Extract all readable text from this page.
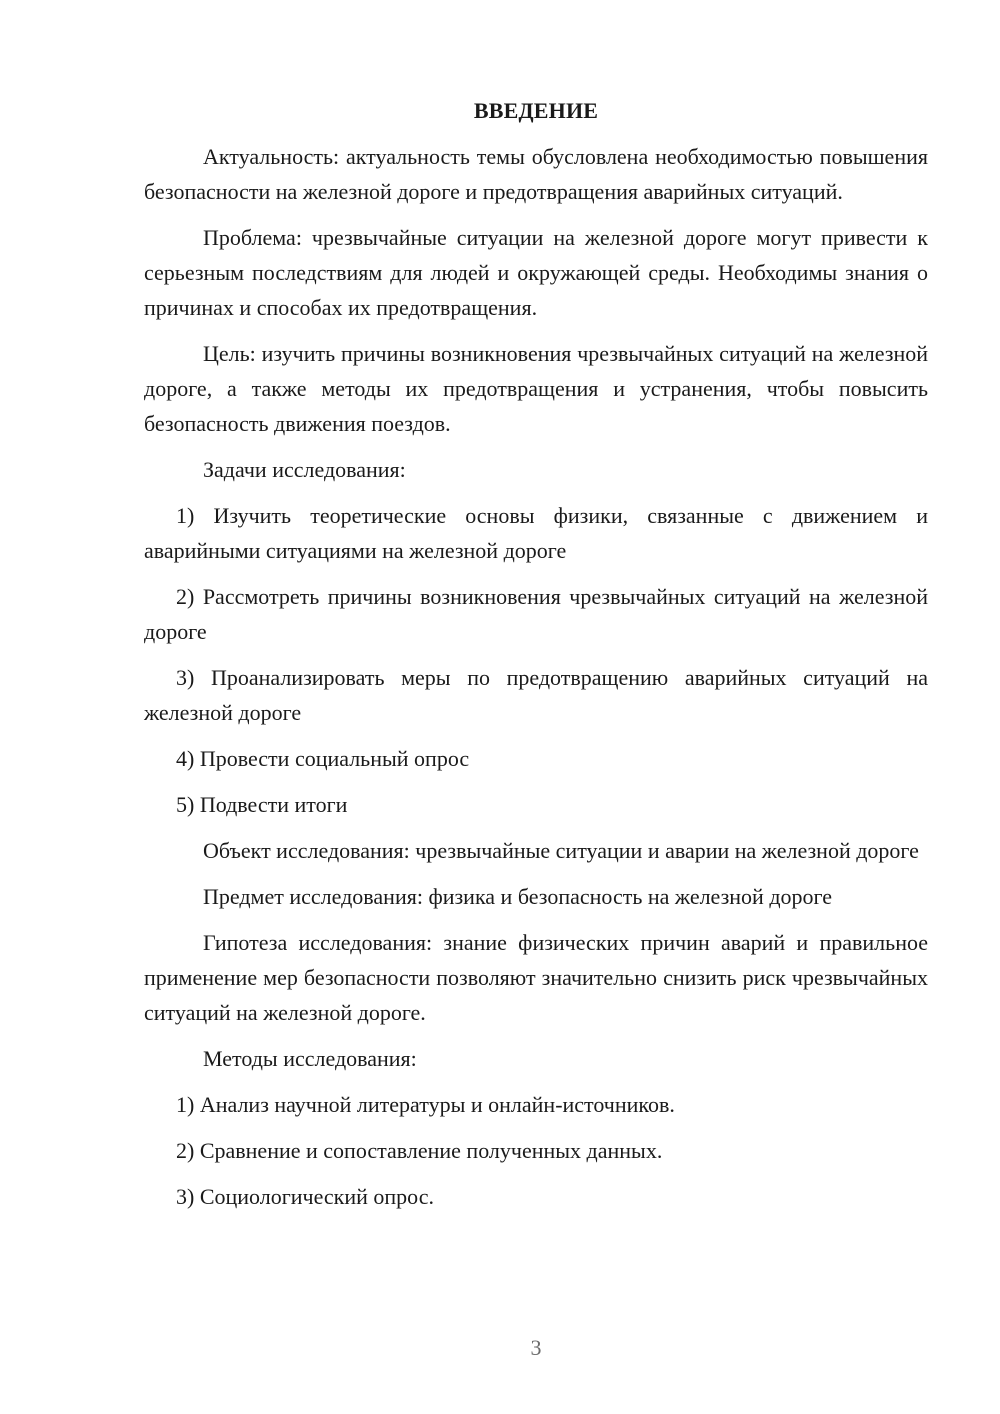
ВВЕДЕНИЕ

Актуальность: актуальность темы обусловлена необходимостью повышения безопасности на железной дороге и предотвращения аварийных ситуаций.

Проблема: чрезвычайные ситуации на железной дороге могут привести к серьезным последствиям для людей и окружающей среды. Необходимы знания о причинах и способах их предотвращения.

Цель: изучить причины возникновения чрезвычайных ситуаций на железной дороге, а также методы их предотвращения и устранения, чтобы повысить безопасность движения поездов.

Задачи исследования:

1) Изучить теоретические основы физики, связанные с движением и аварийными ситуациями на железной дороге

2) Рассмотреть причины возникновения чрезвычайных ситуаций на железной дороге

3) Проанализировать меры по предотвращению аварийных ситуаций на железной дороге

4) Провести социальный опрос

5) Подвести итоги

Объект исследования: чрезвычайные ситуации и аварии на железной дороге

Предмет исследования: физика и безопасность на железной дороге

Гипотеза исследования: знание физических причин аварий и правильное применение мер безопасности позволяют значительно снизить риск чрезвычайных ситуаций на железной дороге.

Методы исследования:

1) Анализ научной литературы и онлайн-источников.

2) Сравнение и сопоставление полученных данных.

3) Социологический опрос.

3
